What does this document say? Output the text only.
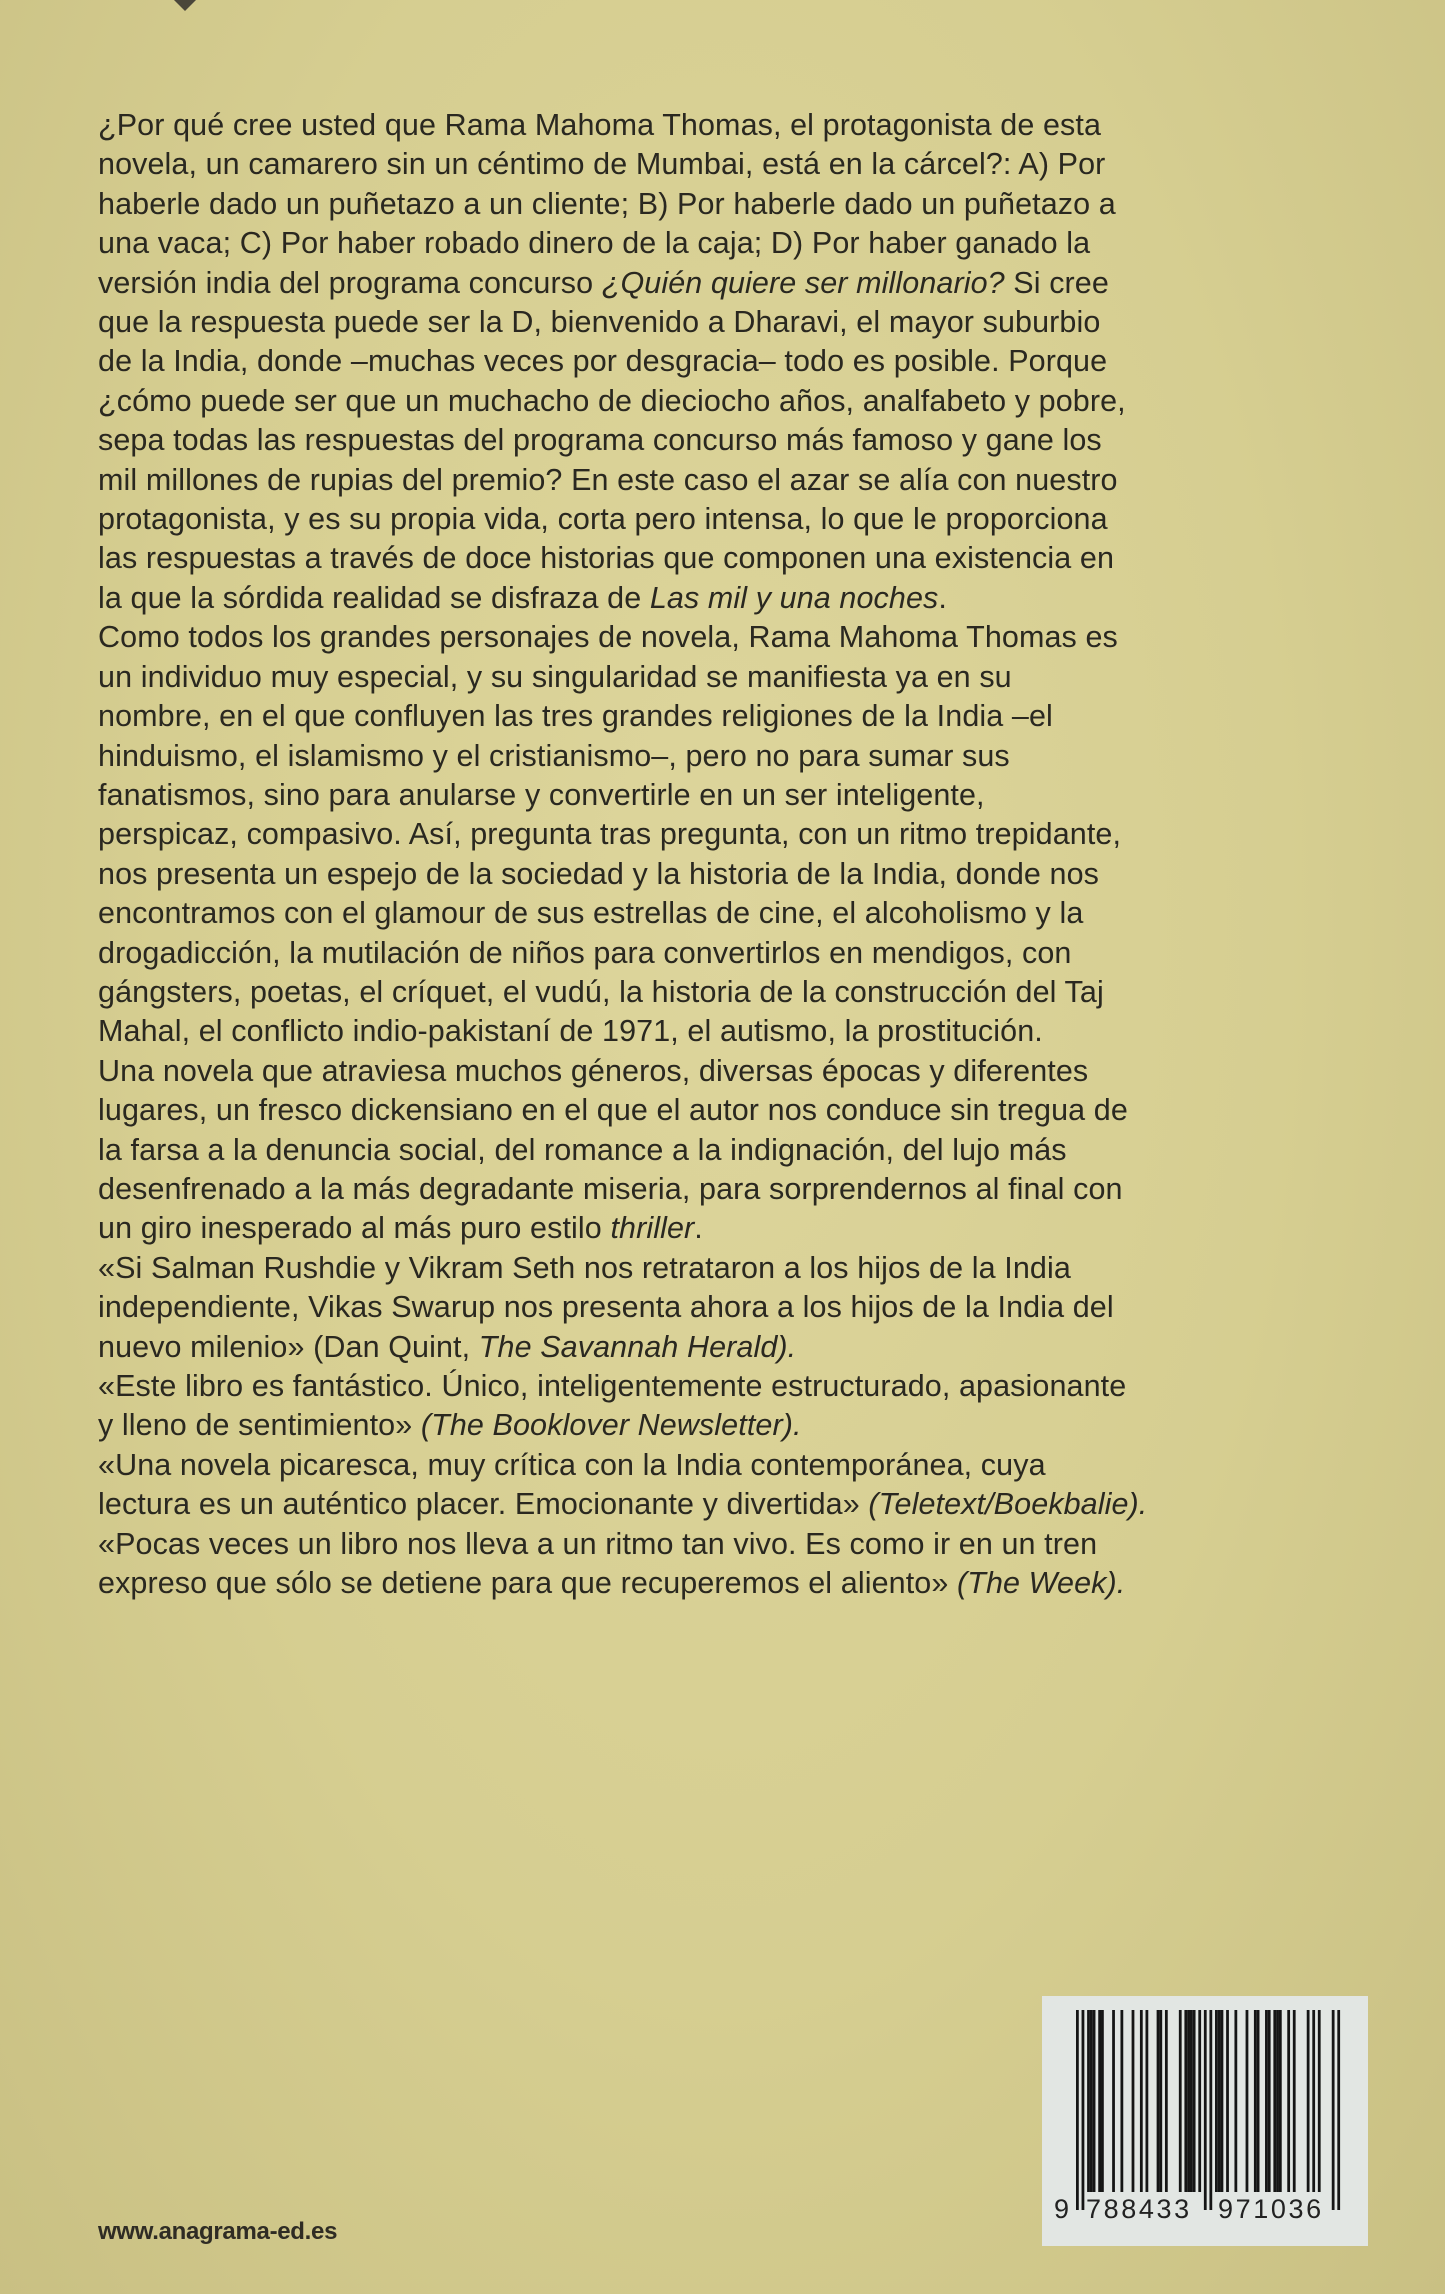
¿Por qué cree usted que Rama Mahoma Thomas, el protagonista de esta

novela, un camarero sin un céntimo de Mumbai, está en la cárcel?: A) Por

haberle dado un puñetazo a un cliente; B) Por haberle dado un puñetazo a

una vaca; C) Por haber robado dinero de la caja; D) Por haber ganado la

versión india del programa concurso ¿Quién quiere ser millonario? Si cree

que la respuesta puede ser la D, bienvenido a Dharavi, el mayor suburbio

de la India, donde –muchas veces por desgracia– todo es posible. Porque

¿cómo puede ser que un muchacho de dieciocho años, analfabeto y pobre,

sepa todas las respuestas del programa concurso más famoso y gane los

mil millones de rupias del premio? En este caso el azar se alía con nuestro

protagonista, y es su propia vida, corta pero intensa, lo que le proporciona

las respuestas a través de doce historias que componen una existencia en

la que la sórdida realidad se disfraza de Las mil y una noches.

Como todos los grandes personajes de novela, Rama Mahoma Thomas es

un individuo muy especial, y su singularidad se manifiesta ya en su

nombre, en el que confluyen las tres grandes religiones de la India –el

hinduismo, el islamismo y el cristianismo–, pero no para sumar sus

fanatismos, sino para anularse y convertirle en un ser inteligente,

perspicaz, compasivo. Así, pregunta tras pregunta, con un ritmo trepidante,

nos presenta un espejo de la sociedad y la historia de la India, donde nos

encontramos con el glamour de sus estrellas de cine, el alcoholismo y la

drogadicción, la mutilación de niños para convertirlos en mendigos, con

gángsters, poetas, el críquet, el vudú, la historia de la construcción del Taj

Mahal, el conflicto indio-pakistaní de 1971, el autismo, la prostitución.

Una novela que atraviesa muchos géneros, diversas épocas y diferentes

lugares, un fresco dickensiano en el que el autor nos conduce sin tregua de

la farsa a la denuncia social, del romance a la indignación, del lujo más

desenfrenado a la más degradante miseria, para sorprendernos al final con

un giro inesperado al más puro estilo thriller.

«Si Salman Rushdie y Vikram Seth nos retrataron a los hijos de la India

independiente, Vikas Swarup nos presenta ahora a los hijos de la India del

nuevo milenio» (Dan Quint, The Savannah Herald).

«Este libro es fantástico. Único, inteligentemente estructurado, apasionante

y lleno de sentimiento» (The Booklover Newsletter).

«Una novela picaresca, muy crítica con la India contemporánea, cuya

lectura es un auténtico placer. Emocionante y divertida» (Teletext/Boekbalie).

«Pocas veces un libro nos lleva a un ritmo tan vivo. Es como ir en un tren

expreso que sólo se detiene para que recuperemos el aliento» (The Week).

www.anagrama-ed.es
9 788433 971036
